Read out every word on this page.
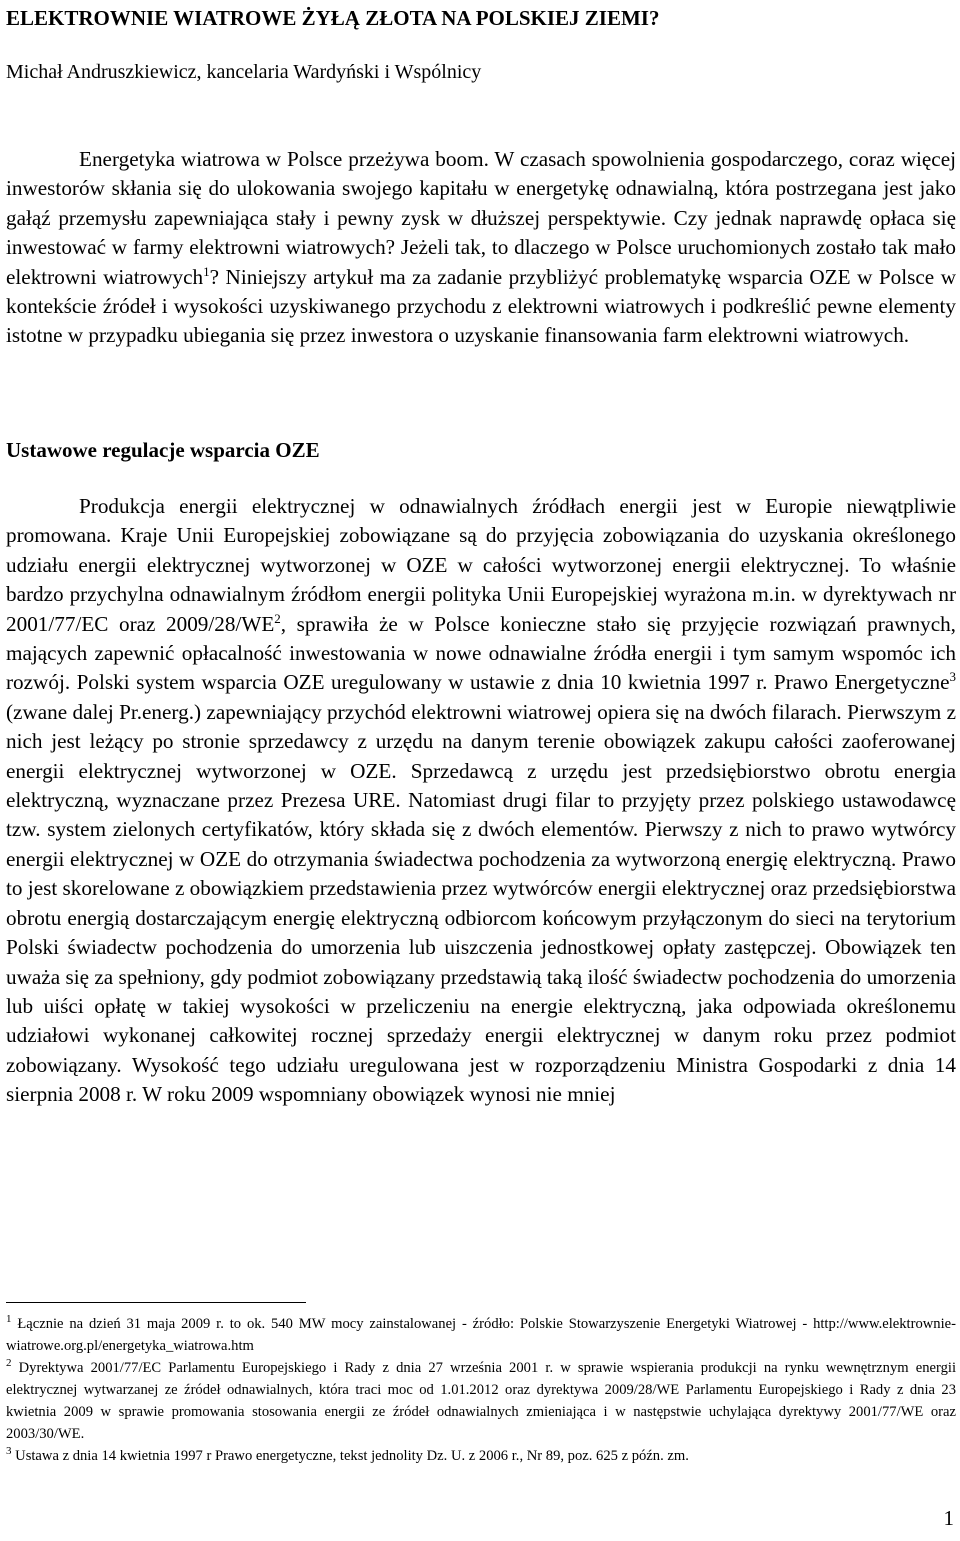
ELEKTROWNIE WIATROWE ŻYŁĄ ZŁOTA NA POLSKIEJ ZIEMI?

Michał Andruszkiewicz, kancelaria Wardyński i Wspólnicy

Energetyka wiatrowa w Polsce przeżywa boom. W czasach spowolnienia gospodarczego, coraz więcej inwestorów skłania się do ulokowania swojego kapitału w energetykę odnawialną, która postrzegana jest jako gałąź przemysłu zapewniająca stały i pewny zysk w dłuższej perspektywie. Czy jednak naprawdę opłaca się inwestować w farmy elektrowni wiatrowych? Jeżeli tak, to dlaczego w Polsce uruchomionych zostało tak mało elektrowni wiatrowych$^1$? Niniejszy artykuł ma za zadanie przybliżyć problematykę wsparcia OZE w Polsce w kontekście źródeł i wysokości uzyskiwanego przychodu z elektrowni wiatrowych i podkreślić pewne elementy istotne w przypadku ubiegania się przez inwestora o uzyskanie finansowania farm elektrowni wiatrowych.

Ustawowe regulacje wsparcia OZE

Produkcja energii elektrycznej w odnawialnych źródłach energii jest w Europie niewątpliwie promowana. Kraje Unii Europejskiej zobowiązane są do przyjęcia zobowiązania do uzyskania określonego udziału energii elektrycznej wytworzonej w OZE w całości wytworzonej energii elektrycznej. To właśnie bardzo przychylna odnawialnym źródłom energii polityka Unii Europejskiej wyrażona m.in. w dyrektywach nr 2001/77/EC oraz $2009/28/WE^2$, sprawiła że w Polsce konieczne stało się przyjęcie rozwiązań prawnych, mających zapewnić opłacalność inwestowania w nowe odnawialne źródła energii i tym samym wspomóc ich rozwój. Polski system wsparcia OZE uregulowany w ustawie z dnia 10 kwietnia 1997 r. Prawo Energetyczne$^3$ (zwane dalej Pr.energ.) zapewniający przychód elektrowni wiatrowej opiera się na dwóch filarach. Pierwszym z nich jest leżący po stronie sprzedawcy z urzędu na danym terenie obowiązek zakupu całości zaoferowanej energii elektrycznej wytworzonej w OZE. Sprzedawcą z urzędu jest przedsiębiorstwo obrotu energia elektryczną, wyznaczane przez Prezesa URE. Natomiast drugi filar to przyjęty przez polskiego ustawodawcę tzw. system zielonych certyfikatów, który składa się z dwóch elementów. Pierwszy z nich to prawo wytwórcy energii elektrycznej w OZE do otrzymania świadectwa pochodzenia za wytworzoną energię elektryczną. Prawo to jest skorelowane z obowiązkiem przedstawienia przez wytwórców energii elektrycznej oraz przedsiębiorstwa obrotu energią dostarczającym energię elektryczną odbiorcom końcowym przyłączonym do sieci na terytorium Polski świadectw pochodzenia do umorzenia lub uiszczenia jednostkowej opłaty zastępczej. Obowiązek ten uważa się za spełniony, gdy podmiot zobowiązany przedstawią taką ilość świadectw pochodzenia do umorzenia lub uiści opłatę w takiej wysokości w przeliczeniu na energie elektryczną, jaka odpowiada określonemu udziałowi wykonanej całkowitej rocznej sprzedaży energii elektrycznej w danym roku przez podmiot zobowiązany. Wysokość tego udziału uregulowana jest w rozporządzeniu Ministra Gospodarki z dnia 14 sierpnia 2008 r. W roku 2009 wspomniany obowiązek wynosi nie mniej

$^1$ Łącznie na dzień 31 maja 2009 r. to ok. 540 MW mocy zainstalowanej - źródło: Polskie Stowarzyszenie Energetyki Wiatrowej - http://www.elektrownie-wiatrowe.org.pl/energetyka_wiatrowa.htm

$^2$ Dyrektywa 2001/77/EC Parlamentu Europejskiego i Rady z dnia 27 września 2001 r. w sprawie wspierania produkcji na rynku wewnętrznym energii elektrycznej wytwarzanej ze źródeł odnawialnych, która traci moc od 1.01.2012 oraz dyrektywa 2009/28/WE Parlamentu Europejskiego i Rady z dnia 23 kwietnia 2009 w sprawie promowania stosowania energii ze źródeł odnawialnych zmieniająca i w następstwie uchylająca dyrektywy 2001/77/WE oraz 2003/30/WE.

$^3$ Ustawa z dnia 14 kwietnia 1997 r Prawo energetyczne, tekst jednolity Dz. U. z 2006 r., Nr 89, poz. 625 z późn. zm.

1
